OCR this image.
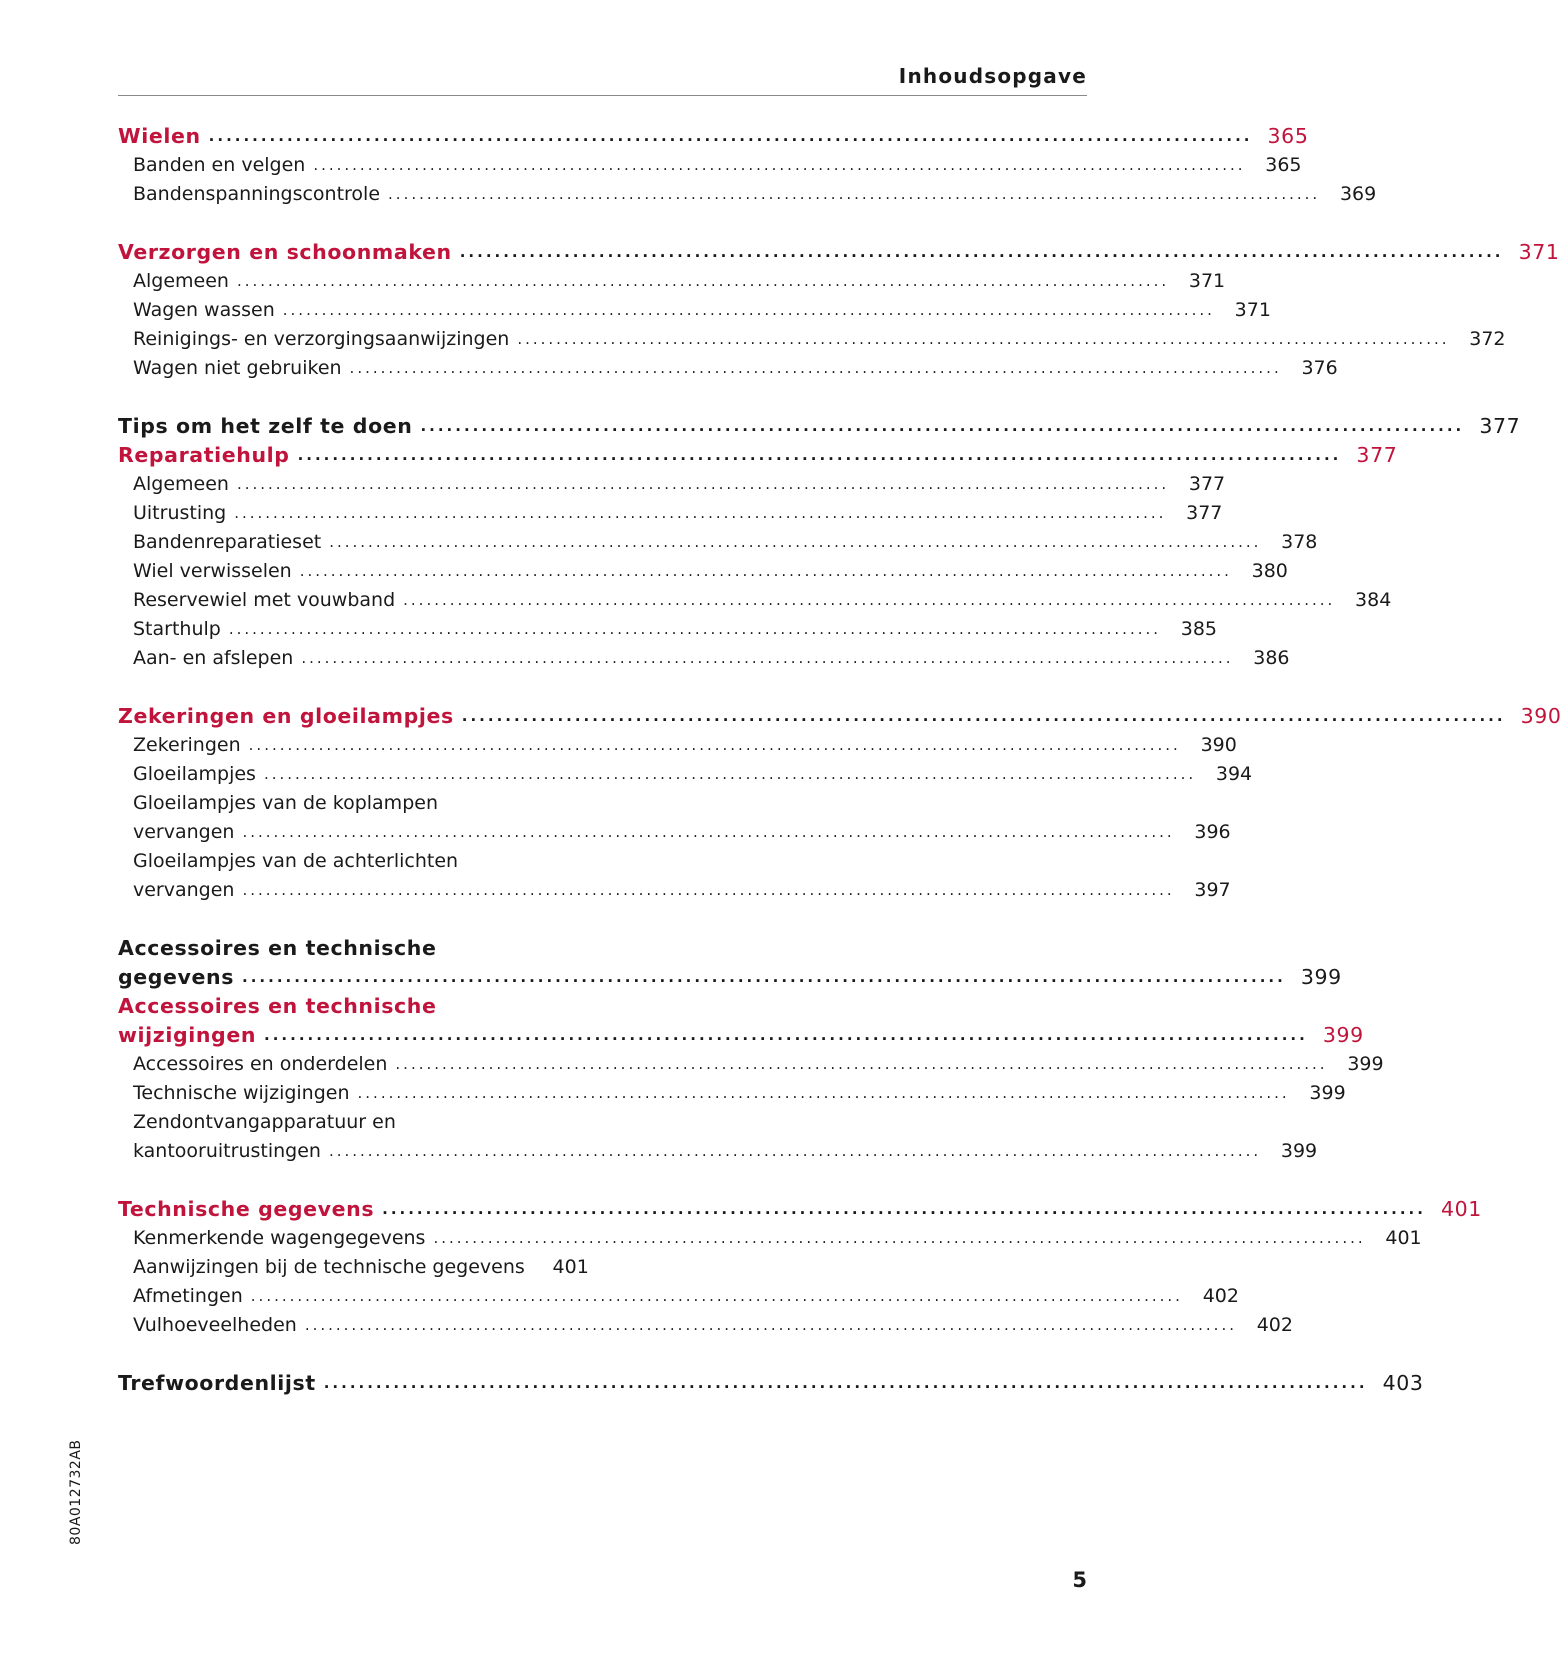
Inhoudsopgave
Wielen ........................................................................................................................ 365
Banden en velgen ........................................................................................................................	365
Bandenspanningscontrole ........................................................................................................................	369
Verzorgen en schoonmaken ........................................................................................................................ 371
Algemeen ........................................................................................................................	371
Wagen wassen ........................................................................................................................	371
Reinigings- en verzorgingsaanwijzingen ........................................................................................................................	372
Wagen niet gebruiken ........................................................................................................................	376
Tips om het zelf te doen ........................................................................................................................ 377
Reparatiehulp ........................................................................................................................ 377
Algemeen ........................................................................................................................	377
Uitrusting ........................................................................................................................	377
Bandenreparatieset ........................................................................................................................	378
Wiel verwisselen ........................................................................................................................	380
Reservewiel met vouwband ........................................................................................................................	384
Starthulp ........................................................................................................................	385
Aan- en afslepen ........................................................................................................................	386
Zekeringen en gloeilampjes ........................................................................................................................ 390
Zekeringen ........................................................................................................................	390
Gloeilampjes ........................................................................................................................	394
Gloeilampjes van de koplampen
vervangen ........................................................................................................................	396
Gloeilampjes van de achterlichten
vervangen ........................................................................................................................	397
Accessoires en technische
gegevens ........................................................................................................................ 399
Accessoires en technische
wijzigingen ........................................................................................................................ 399
Accessoires en onderdelen ........................................................................................................................	399
Technische wijzigingen ........................................................................................................................	399
Zendontvangapparatuur en
kantooruitrustingen ........................................................................................................................	399
Technische gegevens ........................................................................................................................ 401
Kenmerkende wagengegevens ........................................................................................................................	401
Aanwijzingen bij de technische gegevens	401
Afmetingen ........................................................................................................................	402
Vulhoeveelheden ........................................................................................................................	402
Trefwoordenlijst ........................................................................................................................ 403
80A012732AB
5
